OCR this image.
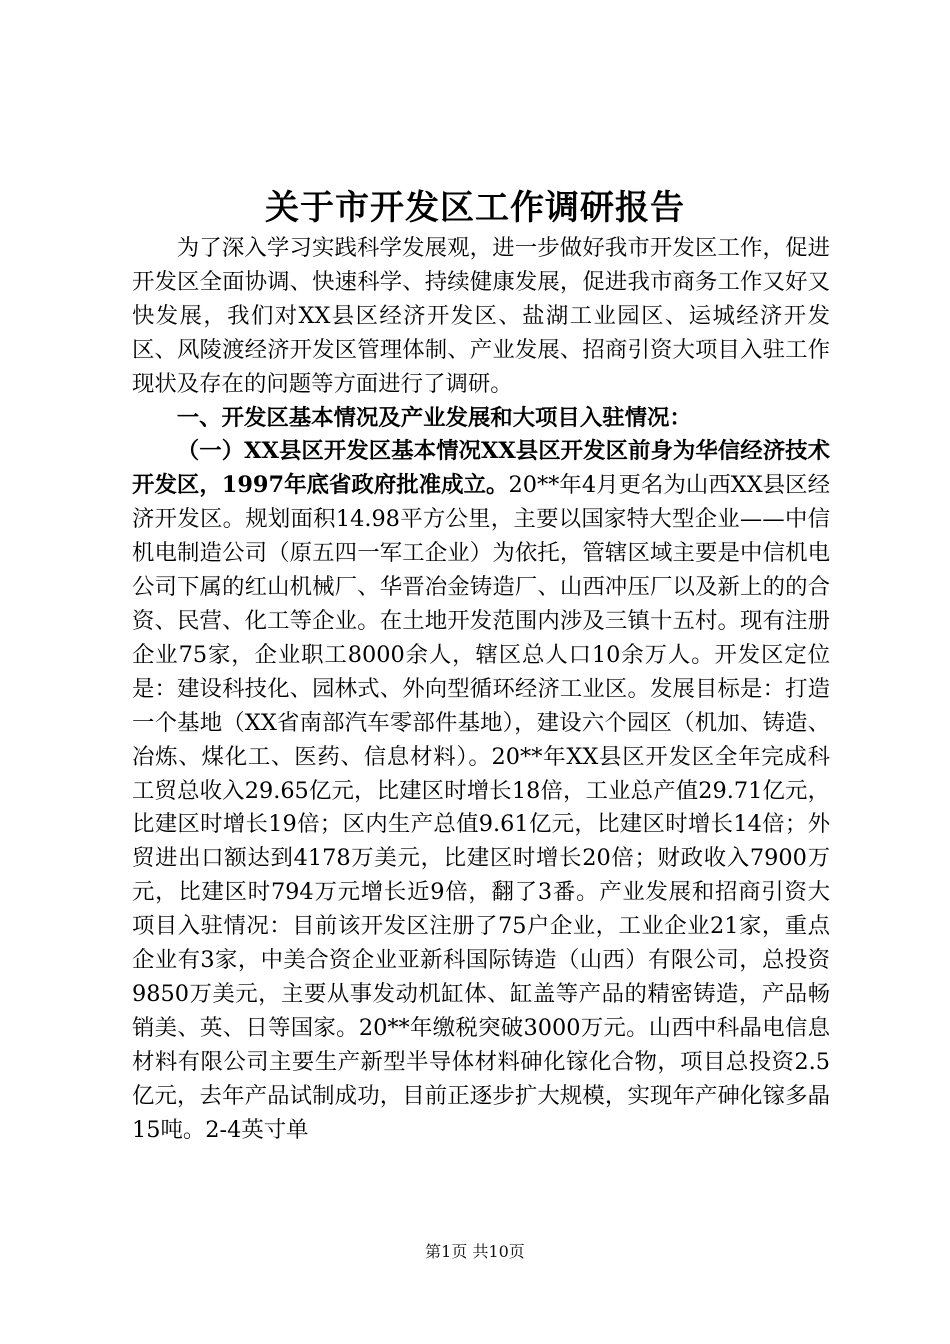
关于市开发区工作调研报告

为了深入学习实践科学发展观，进一步做好我市开发区工作，促进开发区全面协调、快速科学、持续健康发展，促进我市商务工作又好又快发展，我们对XX县区经济开发区、盐湖工业园区、运城经济开发区、风陵渡经济开发区管理体制、产业发展、招商引资大项目入驻工作现状及存在的问题等方面进行了调研。

一、开发区基本情况及产业发展和大项目入驻情况：

（一）XX县区开发区基本情况XX县区开发区前身为华信经济技术开发区，1997年底省政府批准成立。20**年4月更名为山西XX县区经济开发区。规划面积14.98平方公里，主要以国家特大型企业——中信机电制造公司（原五四一军工企业）为依托，管辖区域主要是中信机电公司下属的红山机械厂、华晋冶金铸造厂、山西冲压厂以及新上的的合资、民营、化工等企业。在土地开发范围内涉及三镇十五村。现有注册企业75家，企业职工8000余人，辖区总人口10余万人。开发区定位是：建设科技化、园林式、外向型循环经济工业区。发展目标是：打造一个基地（XX省南部汽车零部件基地），建设六个园区（机加、铸造、冶炼、煤化工、医药、信息材料）。20**年XX县区开发区全年完成科工贸总收入29.65亿元，比建区时增长18倍，工业总产值29.71亿元，比建区时增长19倍；区内生产总值9.61亿元，比建区时增长14倍；外贸进出口额达到4178万美元，比建区时增长20倍；财政收入7900万元，比建区时794万元增长近9倍，翻了3番。产业发展和招商引资大项目入驻情况：目前该开发区注册了75户企业，工业企业21家，重点企业有3家，中美合资企业亚新科国际铸造（山西）有限公司，总投资9850万美元，主要从事发动机缸体、缸盖等产品的精密铸造，产品畅销美、英、日等国家。20**年缴税突破3000万元。山西中科晶电信息材料有限公司主要生产新型半导体材料砷化镓化合物，项目总投资2.5亿元，去年产品试制成功，目前正逐步扩大规模，实现年产砷化镓多晶15吨。2-4英寸单

第1页 共10页
